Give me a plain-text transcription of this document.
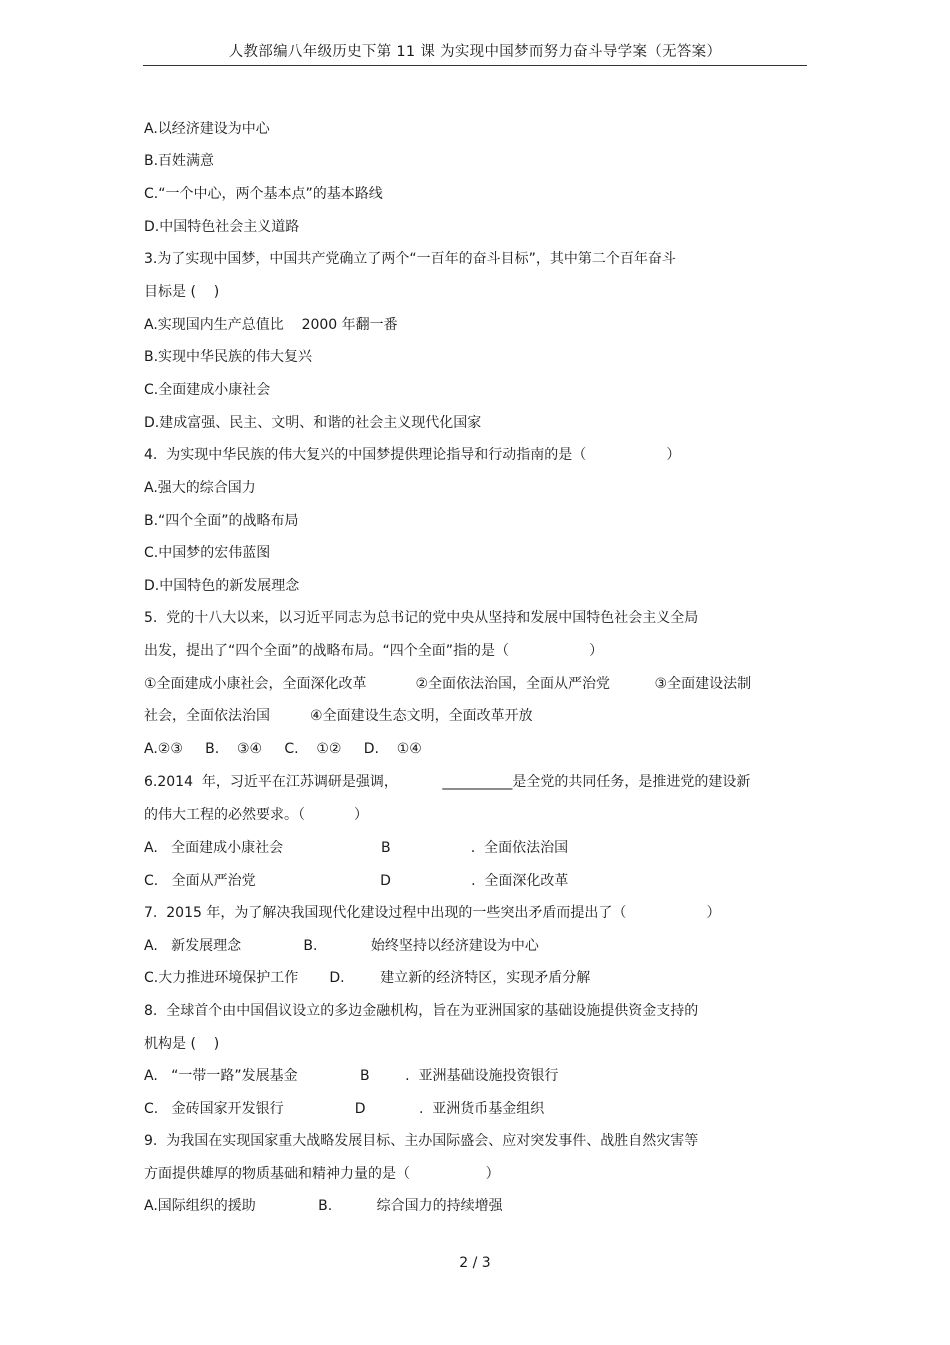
人教部编八年级历史下第 11 课 为实现中国梦而努力奋斗导学案（无答案）
A.以经济建设为中心
B.百姓满意
C.“一个中心，两个基本点”的基本路线
D.中国特色社会主义道路
3.为了实现中国梦，中国共产党确立了两个“一百年的奋斗目标”，其中第二个百年奋斗
目标是 (    )
A.实现国内生产总值比    2000 年翻一番
B.实现中华民族的伟大复兴
C.全面建成小康社会
D.建成富强、民主、文明、和谐的社会主义现代化国家
4.  为实现中华民族的伟大复兴的中国梦提供理论指导和行动指南的是（                  ）
A.强大的综合国力
B.“四个全面”的战略布局
C.中国梦的宏伟蓝图
D.中国特色的新发展理念
5.  党的十八大以来，以习近平同志为总书记的党中央从坚持和发展中国特色社会主义全局
出发，提出了“四个全面”的战略布局。“四个全面”指的是（                  ）
①全面建成小康社会，全面深化改革           ②全面依法治国，全面从严治党          ③全面建设法制
社会，全面依法治国         ④全面建设生态文明，全面改革开放
A.②③     B.    ③④     C.    ①②     D.    ①④
6.2014  年，习近平在江苏调研是强调，          __________是全党的共同任务，是推进党的建设新
的伟大工程的必然要求。（           ）
A.   全面建成小康社会                      B                  .  全面依法治国
C.   全面从严治党                            D                  .  全面深化改革
7.  2015 年，为了解决我国现代化建设过程中出现的一些突出矛盾而提出了（                  ）
A.   新发展理念              B.            始终坚持以经济建设为中心
C.大力推进环境保护工作       D.        建立新的经济特区，实现矛盾分解
8.  全球首个由中国倡议设立的多边金融机构，旨在为亚洲国家的基础设施提供资金支持的
机构是 (    )
A.   “一带一路”发展基金              B        .  亚洲基础设施投资银行
C.   金砖国家开发银行                D            .  亚洲货币基金组织
9.  为我国在实现国家重大战略发展目标、主办国际盛会、应对突发事件、战胜自然灾害等
方面提供雄厚的物质基础和精神力量的是（                 ）
A.国际组织的援助              B.          综合国力的持续增强
2 / 3
